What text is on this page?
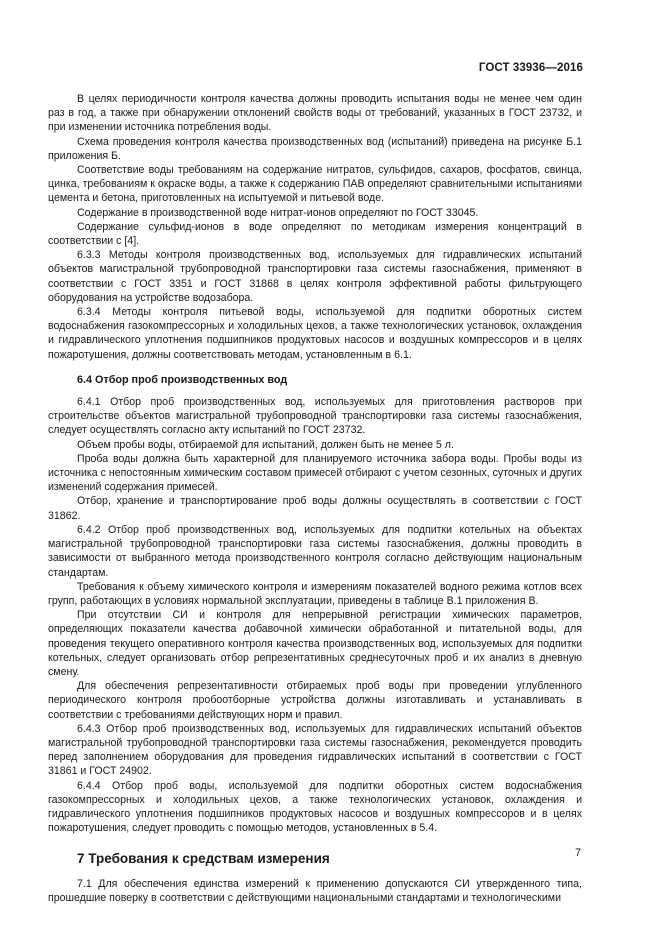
ГОСТ 33936—2016

В целях периодичности контроля качества должны проводить испытания воды не менее чем один раз в год, а также при обнаружении отклонений свойств воды от требований, указанных в ГОСТ 23732, и при изменении источника потребления воды.

Схема проведения контроля качества производственных вод (испытаний) приведена на рисунке Б.1 приложения Б.

Соответствие воды требованиям на содержание нитратов, сульфидов, сахаров, фосфатов, свинца, цинка, требованиям к окраске воды, а также к содержанию ПАВ определяют сравнительными испытаниями цемента и бетона, приготовленных на испытуемой и питьевой воде.

Содержание в производственной воде нитрат-ионов определяют по ГОСТ 33045.

Содержание сульфид-ионов в воде определяют по методикам измерения концентраций в соответствии с [4].

6.3.3 Методы контроля производственных вод, используемых для гидравлических испытаний объектов магистральной трубопроводной транспортировки газа системы газоснабжения, применяют в соответствии с ГОСТ 3351 и ГОСТ 31868 в целях контроля эффективной работы фильтрующего оборудования на устройстве водозабора.

6.3.4 Методы контроля питьевой воды, используемой для подпитки оборотных систем водоснабжения газокомпрессорных и холодильных цехов, а также технологических установок, охлаждения и гидравлического уплотнения подшипников продуктовых насосов и воздушных компрессоров и в целях пожаротушения, должны соответствовать методам, установленным в 6.1.

6.4 Отбор проб производственных вод

6.4.1 Отбор проб производственных вод, используемых для приготовления растворов при строительстве объектов магистральной трубопроводной транспортировки газа системы газоснабжения, следует осуществлять согласно акту испытаний по ГОСТ 23732.

Объем пробы воды, отбираемой для испытаний, должен быть не менее 5 л.

Проба воды должна быть характерной для планируемого источника забора воды. Пробы воды из источника с непостоянным химическим составом примесей отбирают с учетом сезонных, суточных и других изменений содержания примесей.

Отбор, хранение и транспортирование проб воды должны осуществлять в соответствии с ГОСТ 31862.

6.4.2 Отбор проб производственных вод, используемых для подпитки котельных на объектах магистральной трубопроводной транспортировки газа системы газоснабжения, должны проводить в зависимости от выбранного метода производственного контроля согласно действующим национальным стандартам.

Требования к объему химического контроля и измерениям показателей водного режима котлов всех групп, работающих в условиях нормальной эксплуатации, приведены в таблице В.1 приложения В.

При отсутствии СИ и контроля для непрерывной регистрации химических параметров, определяющих показатели качества добавочной химически обработанной и питательной воды, для проведения текущего оперативного контроля качества производственных вод, используемых для подпитки котельных, следует организовать отбор репрезентативных среднесуточных проб и их анализ в дневную смену.

Для обеспечения репрезентативности отбираемых проб воды при проведении углубленного периодического контроля пробоотборные устройства должны изготавливать и устанавливать в соответствии с требованиями действующих норм и правил.

6.4.3 Отбор проб производственных вод, используемых для гидравлических испытаний объектов магистральной трубопроводной транспортировки газа системы газоснабжения, рекомендуется проводить перед заполнением оборудования для проведения гидравлических испытаний в соответствии с ГОСТ 31861 и ГОСТ 24902.

6.4.4 Отбор проб воды, используемой для подпитки оборотных систем водоснабжения газокомпрессорных и холодильных цехов, а также технологических установок, охлаждения и гидравлического уплотнения подшипников продуктовых насосов и воздушных компрессоров и в целях пожаротушения, следует проводить с помощью методов, установленных в 5.4.

7 Требования к средствам измерения

7.1 Для обеспечения единства измерений к применению допускаются СИ утвержденного типа, прошедшие поверку в соответствии с действующими национальными стандартами и технологическими

7
